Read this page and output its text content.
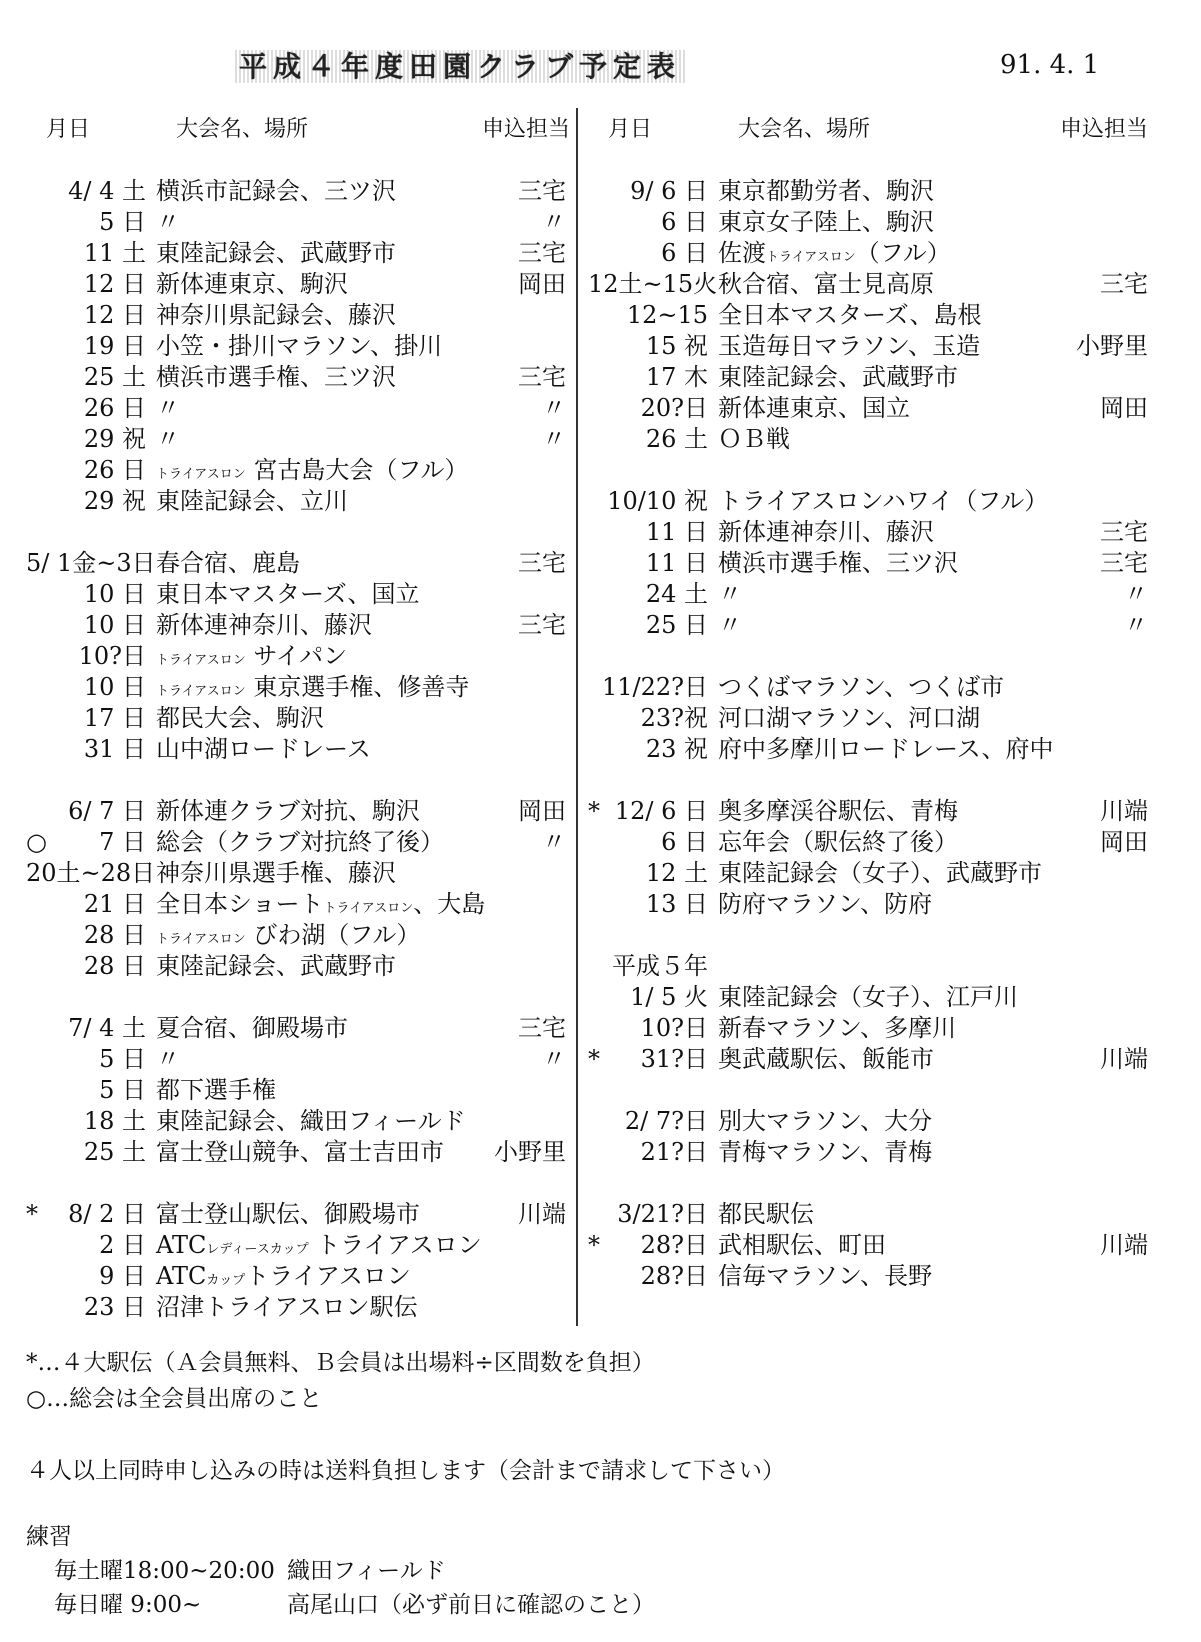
平成４年度田園クラブ予定表	91. 4. 1
月日	大会名、場所	申込担当
4/ 4 土 横浜市記録会、三ツ沢	三宅
5 日 〃	〃
11 土 東陸記録会、武蔵野市	三宅
12 日 新体連東京、駒沢	岡田
12 日 神奈川県記録会、藤沢
19 日 小笠・掛川マラソン、掛川
25 土 横浜市選手権、三ツ沢	三宅
26 日 〃	〃
29 祝 〃	〃
26 日 トライアスロン 宮古島大会（フル）
29 祝 東陸記録会、立川
5/ 1金~3日 春合宿、鹿島	三宅
10 日 東日本マスターズ、国立
10 日 新体連神奈川、藤沢	三宅
10?日 トライアスロン サイパン
10 日 トライアスロン 東京選手権、修善寺
17 日 都民大会、駒沢
31 日 山中湖ロードレース
6/ 7 日 新体連クラブ対抗、駒沢	岡田
○	7 日 総会（クラブ対抗終了後）	〃
20土~28日 神奈川県選手権、藤沢
21 日 全日本ショートトライアスロン、大島
28 日 トライアスロン びわ湖（フル）
28 日 東陸記録会、武蔵野市
7/ 4 土 夏合宿、御殿場市	三宅
5 日 〃	〃
5 日 都下選手権
18 土 東陸記録会、織田フィールド
25 土 富士登山競争、富士吉田市 小野里
*	8/ 2 日 富士登山駅伝、御殿場市	川端
2 日 ATCレディースカップ トライアスロン
9 日 ATCカップトライアスロン
23 日 沼津トライアスロン駅伝
月日	大会名、場所	申込担当
9/ 6 日 東京都勤労者、駒沢
6 日 東京女子陸上、駒沢
6 日 佐渡トライアスロン（フル）
12土~15火 秋合宿、富士見高原	三宅
12~15 全日本マスターズ、島根
15 祝 玉造毎日マラソン、玉造	小野里
17 木 東陸記録会、武蔵野市
20?日 新体連東京、国立	岡田
26 土 ＯＢ戦
10/10 祝 トライアスロンハワイ（フル）
11 日 新体連神奈川、藤沢	三宅
11 日 横浜市選手権、三ツ沢	三宅
24 土 〃	〃
25 日 〃	〃
11/22?日 つくばマラソン、つくば市
23?祝 河口湖マラソン、河口湖
23 祝 府中多摩川ロードレース、府中
* 12/ 6 日 奥多摩渓谷駅伝、青梅	川端
6 日 忘年会（駅伝終了後）	岡田
12 土 東陸記録会（女子）、武蔵野市
13 日 防府マラソン、防府
平成５年
1/ 5 火 東陸記録会（女子）、江戸川
10?日 新春マラソン、多摩川
*	31?日 奥武蔵駅伝、飯能市	川端
2/ 7?日 別大マラソン、大分
21?日 青梅マラソン、青梅
3/21?日 都民駅伝
*	28?日 武相駅伝、町田	川端
28?日 信毎マラソン、長野
*…４大駅伝（Ａ会員無料、Ｂ会員は出場料÷区間数を負担）
○…総会は全会員出席のこと

４人以上同時申し込みの時は送料負担します（会計まで請求して下さい）
練習
毎土曜18:00~20:00 織田フィールド
毎日曜 9:00~	高尾山口（必ず前日に確認のこと）
